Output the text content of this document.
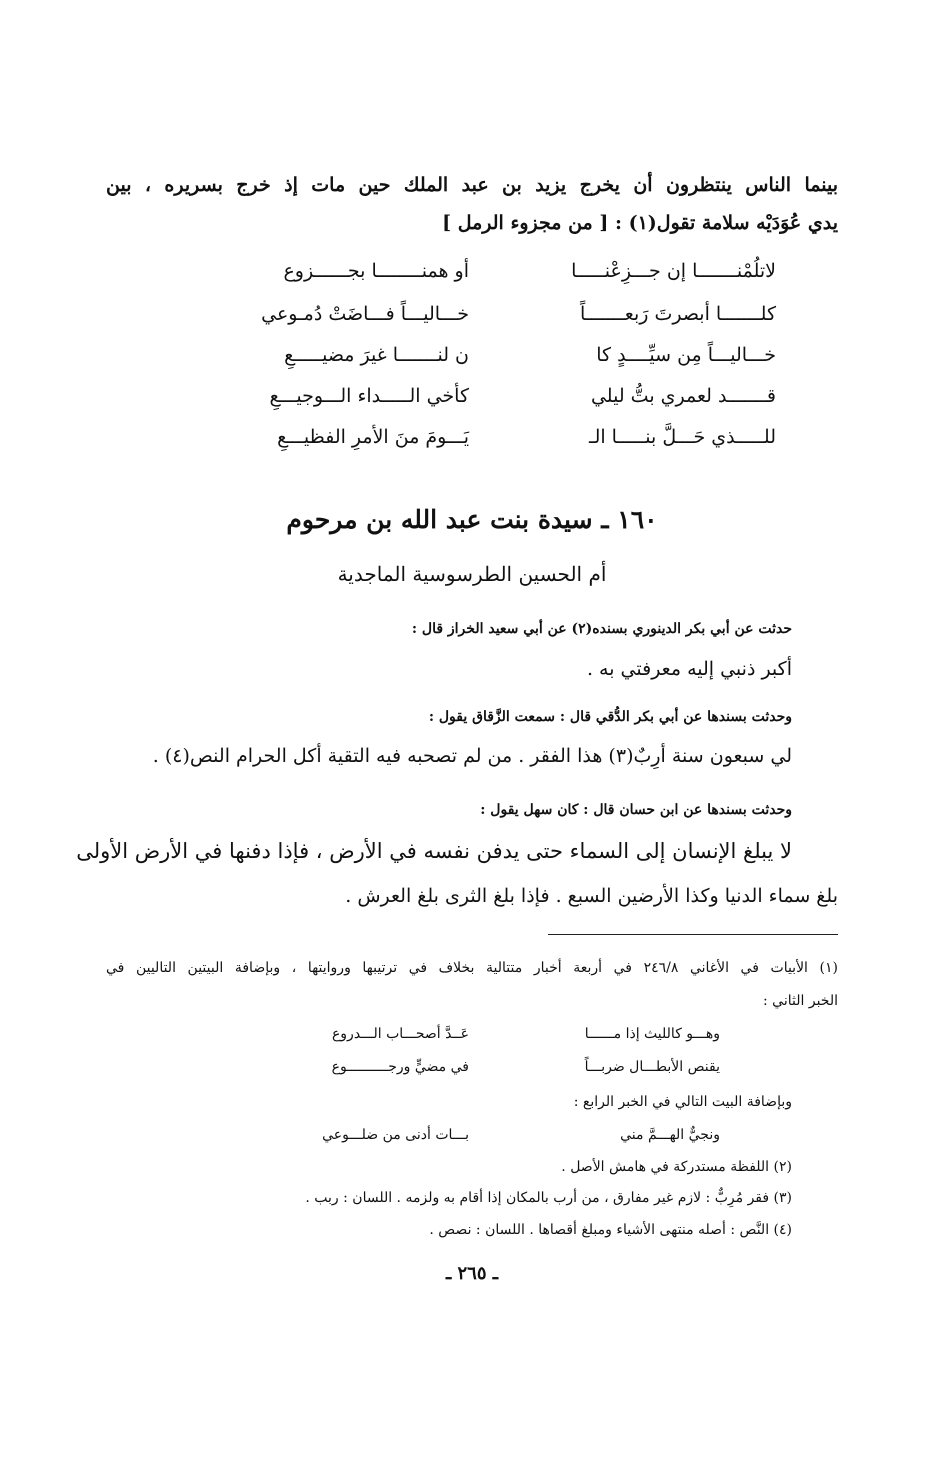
بينما الناس ينتظرون أن يخرج يزيد بن عبد الملك حين مات إذ خرج بسريره ، بين
يدي عُوَدَيْه سلامة تقول(١) : [ من مجزوء الرمل ]
لاتلُمْنـــــــا إن جـــزِعْنـــــا
أو همنــــــــا بجــــــزوع
كلـــــــا أبصرتَ رَبعـــــــاً
خـــاليـــاً فـــاضَتْ دُمـوعي
خـــاليـــاً مِن سيِّــــدٍ كا
ن لنـــــــا غيرَ مضيـــــعِ
قـــــــد لعمري بتُّ ليلي
كأخي الـــــداء الـــوجيـــعِ
للـــــذي حَـــلَّ بنـــــا الـ
يَـــومَ منَ الأمرِ الفظيـــعِ
١٦٠ ـ سيدة بنت عبد الله بن مرحوم
أم الحسين الطرسوسية الماجدية
حدثت عن أبي بكر الدينوري بسنده(٢) عن أبي سعيد الخراز قال :
أكبر ذنبي إليه معرفتي به .
وحدثت بسندها عن أبي بكر الدُّقي قال : سمعت الزَّقاق يقول :
لي سبعون سنة أرِبٌ(٣) هذا الفقر . من لم تصحبه فيه التقية أكل الحرام النص(٤) .
وحدثت بسندها عن ابن حسان قال : كان سهل يقول :
لا يبلغ الإنسان إلى السماء حتى يدفن نفسه في الأرض ، فإذا دفنها في الأرض الأولى
بلغ سماء الدنيا وكذا الأرضين السبع . فإذا بلغ الثرى بلغ العرش .
(١) الأبيات في الأغاني ٢٤٦/٨ في أربعة أخبار متتالية بخلاف في ترتيبها وروايتها ، وبإضافة البيتين التاليين في
الخبر الثاني :
وهـــو كالليث إذا مــــــا
عَــدَّ أصحـــاب الـــدروع
يقنص الأبطـــال ضربـــاً
في مضيٍّ ورجــــــــــوع
وبإضافة البيت التالي في الخبر الرابع :
ونجيٌّ الهـــمَّ مني
بـــات أدنى من ضلـــوعي
(٢) اللفظة مستدركة في هامش الأصل .
(٣) فقر مُرِبٌّ : لازم غير مفارق ، من أرب بالمكان إذا أقام به ولزمه . اللسان : ربب .
(٤) النَّص : أصله منتهى الأشياء ومبلغ أقصاها . اللسان : نصص .
ـ ٢٦٥ ـ
